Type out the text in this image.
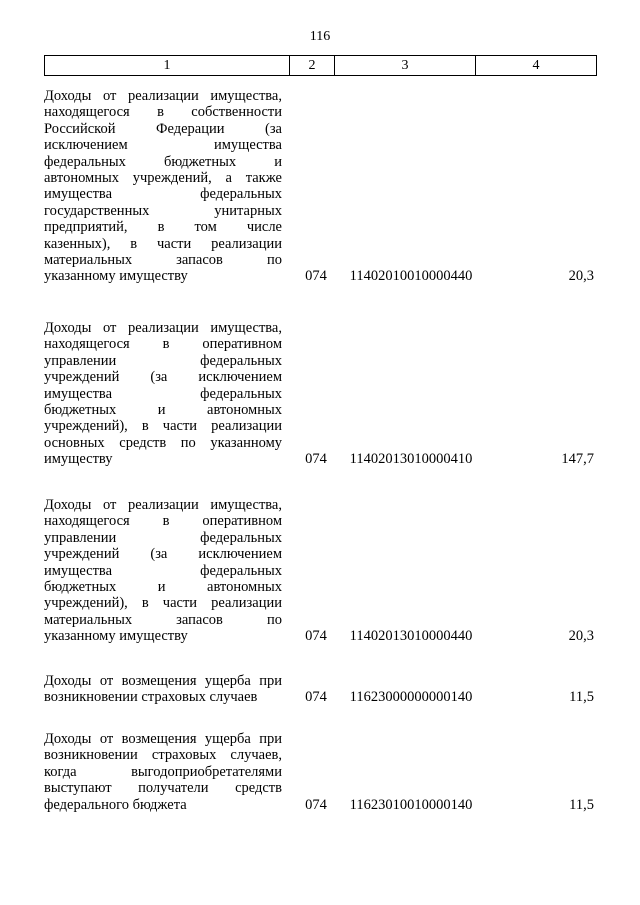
116
1	2	3	4
Доходы от реализации имущества,
находящегося в собственности
Российской Федерации (за
исключением имущества
федеральных бюджетных и
автономных учреждений, а также
имущества федеральных
государственных унитарных
предприятий, в том числе
казенных), в части реализации
материальных запасов по
указанному имуществу	074	11402010010000440	20,3
Доходы от реализации имущества,
находящегося в оперативном
управлении федеральных
учреждений (за исключением
имущества федеральных
бюджетных и автономных
учреждений), в части реализации
основных средств по указанному
имуществу	074	11402013010000410	147,7
Доходы от реализации имущества,
находящегося в оперативном
управлении федеральных
учреждений (за исключением
имущества федеральных
бюджетных и автономных
учреждений), в части реализации
материальных запасов по
указанному имуществу	074	11402013010000440	20,3
Доходы от возмещения ущерба при
возникновении страховых случаев	074	11623000000000140	11,5
Доходы от возмещения ущерба при
возникновении страховых случаев,
когда выгодоприобретателями
выступают получатели средств
федерального бюджета	074	11623010010000140	11,5
